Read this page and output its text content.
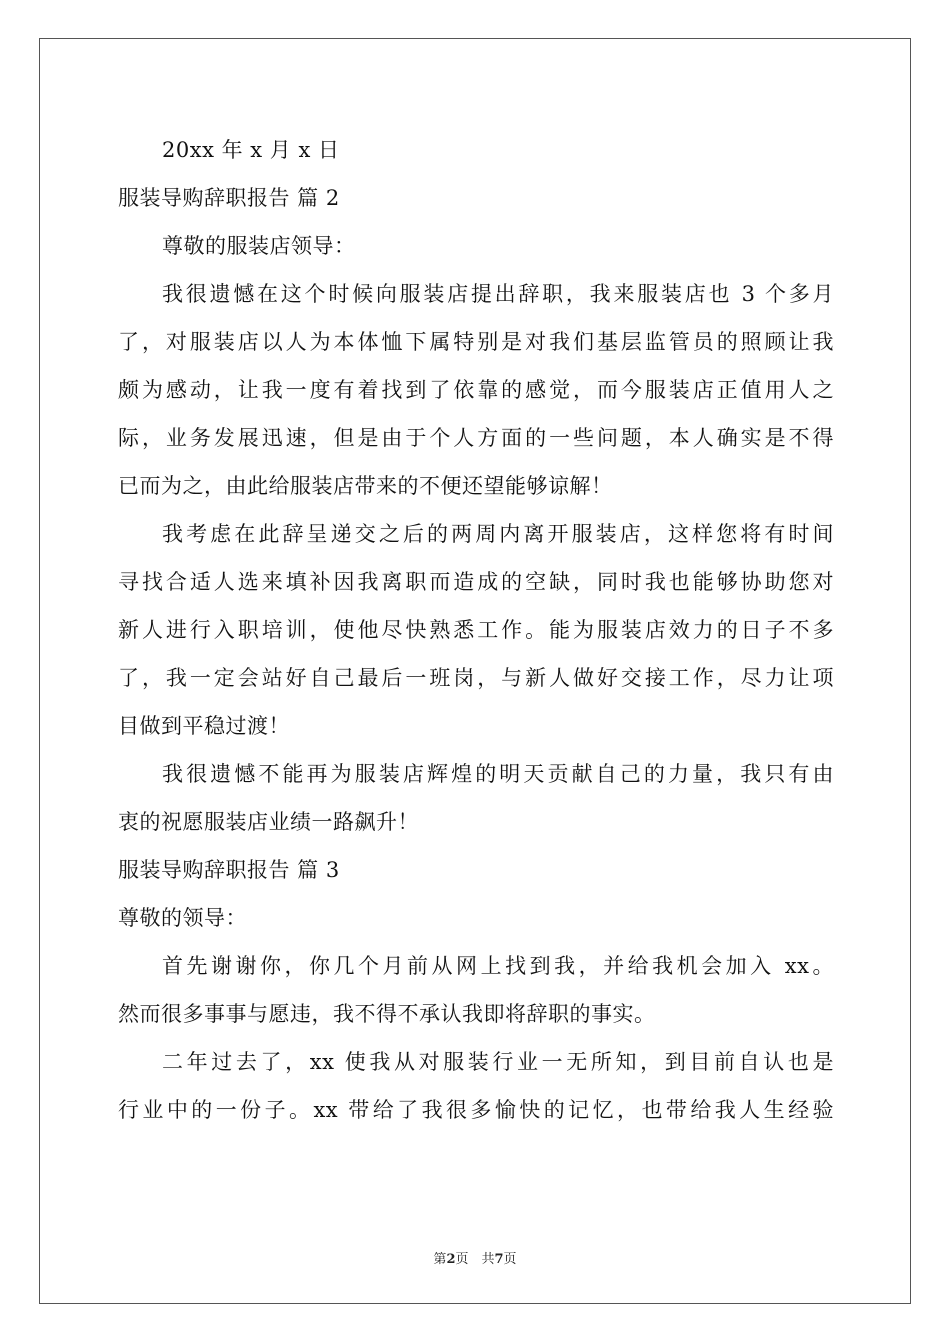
20xx 年 x 月 x 日
服装导购辞职报告 篇 2
尊敬的服装店领导：
我很遗憾在这个时候向服装店提出辞职，我来服装店也 3 个多月
了，对服装店以人为本体恤下属特别是对我们基层监管员的照顾让我
颇为感动，让我一度有着找到了依靠的感觉，而今服装店正值用人之
际，业务发展迅速，但是由于个人方面的一些问题，本人确实是不得
已而为之，由此给服装店带来的不便还望能够谅解！
我考虑在此辞呈递交之后的两周内离开服装店，这样您将有时间
寻找合适人选来填补因我离职而造成的空缺，同时我也能够协助您对
新人进行入职培训，使他尽快熟悉工作。能为服装店效力的日子不多
了，我一定会站好自己最后一班岗，与新人做好交接工作，尽力让项
目做到平稳过渡！
我很遗憾不能再为服装店辉煌的明天贡献自己的力量，我只有由
衷的祝愿服装店业绩一路飙升！
服装导购辞职报告 篇 3
尊敬的领导：
首先谢谢你，你几个月前从网上找到我，并给我机会加入 xx。
然而很多事事与愿违，我不得不承认我即将辞职的事实。
二年过去了，xx 使我从对服装行业一无所知，到目前自认也是
行业中的一份子。xx 带给了我很多愉快的记忆，也带给我人生经验
第2页　共7页
